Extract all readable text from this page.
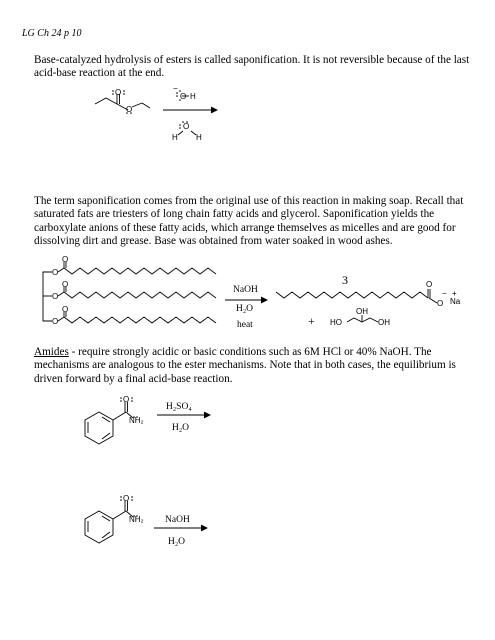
LG Ch 24 p 10
Base-catalyzed hydrolysis of esters is called saponification. It is not reversible because of the last acid-base reaction at the end.
The term saponification comes from the original use of this reaction in making soap. Recall that saturated fats are triesters of long chain fatty acids and glycerol. Saponification yields the carboxylate anions of these fatty acids, which arrange themselves as micelles and are good for dissolving dirt and grease. Base was obtained from water soaked in wood ashes.
Amides - require strongly acidic or basic conditions such as 6M HCl or 40% NaOH. The mechanisms are analogous to the ester mechanisms. Note that in both cases, the equilibrium is driven forward by a final acid-base reaction.
O
O
−
O H
O
H H
O
O
O
O
O
O
NaOH
H₂O
heat
3	O
O
− +
Na
+
OH
HO	OH
O
NH₂
H₂SO₄
H₂O
O
NH₂ NaOH
H₂O
